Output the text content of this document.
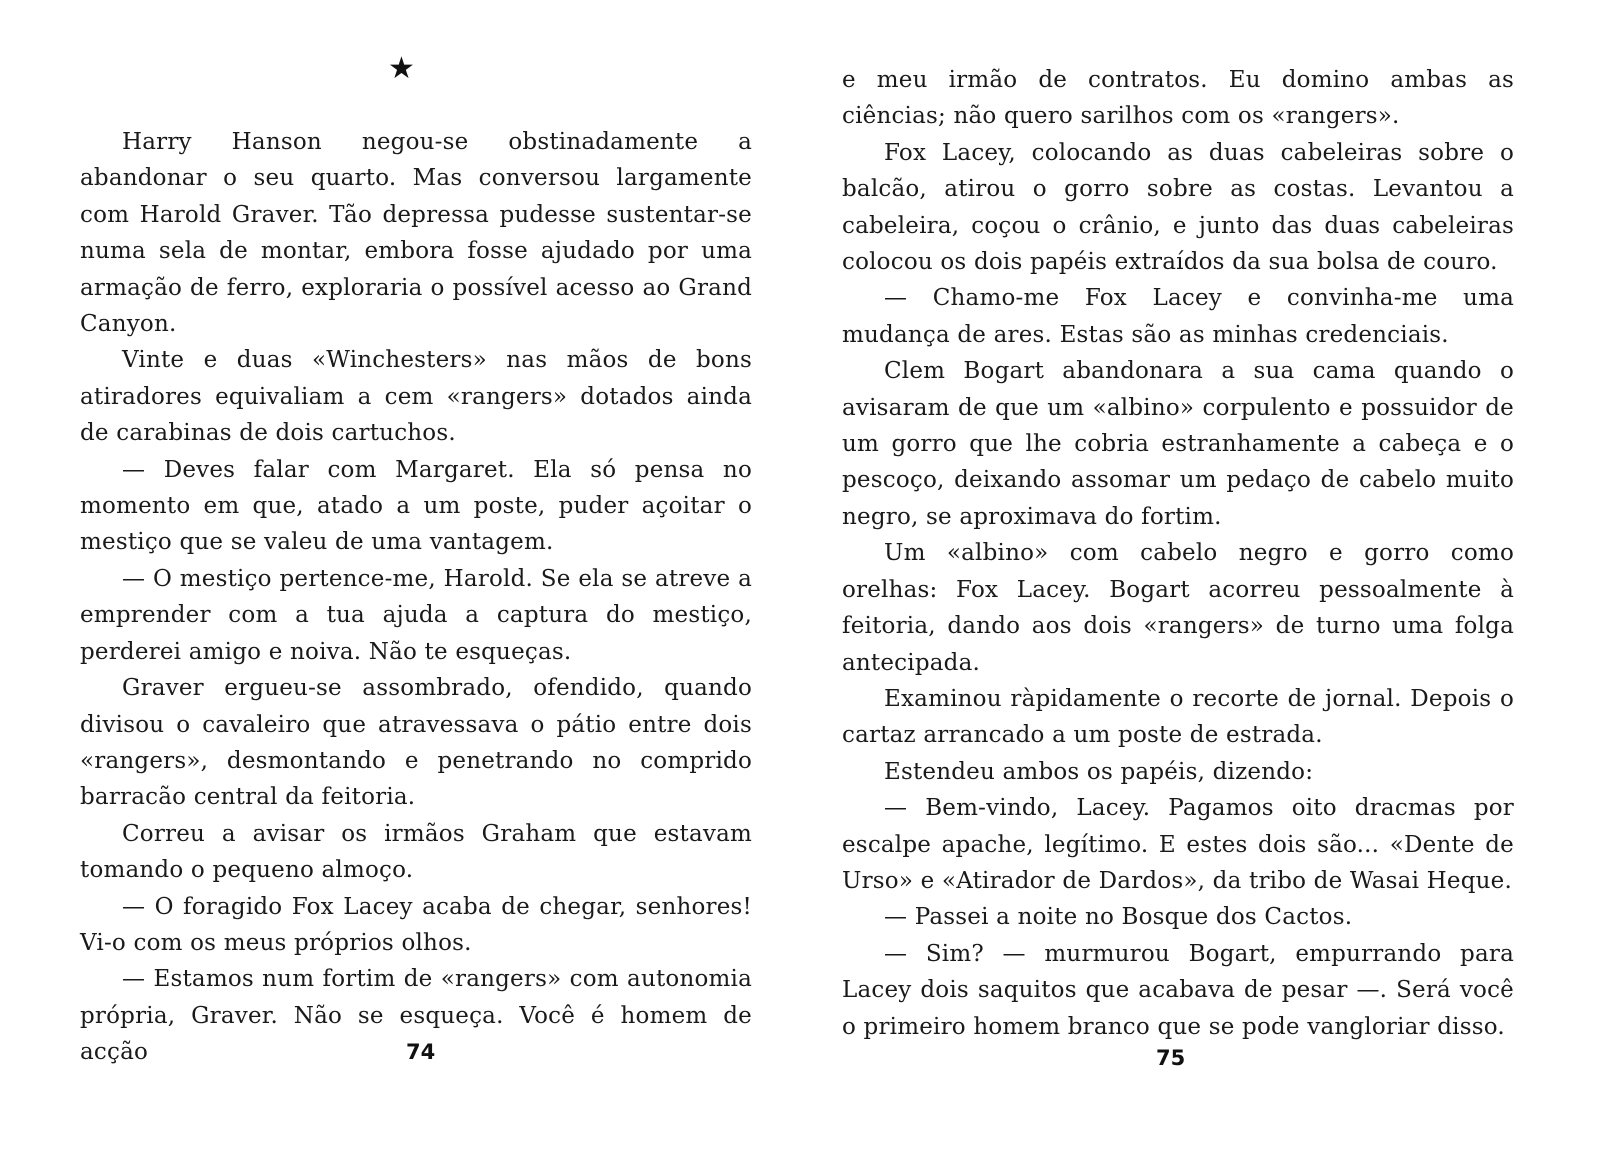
★

Harry Hanson negou-se obstinadamente a abandonar o seu quarto. Mas conversou largamente com Harold Graver. Tão depressa pudesse sustentar-se numa sela de montar, embora fosse ajudado por uma armação de ferro, exploraria o possível acesso ao Grand Canyon.

Vinte e duas «Winchesters» nas mãos de bons atiradores equivaliam a cem «rangers» dotados ainda de carabinas de dois cartuchos.

— Deves falar com Margaret. Ela só pensa no momento em que, atado a um poste, puder açoitar o mestiço que se valeu de uma vantagem.

— O mestiço pertence-me, Harold. Se ela se atreve a emprender com a tua ajuda a captura do mestiço, perderei amigo e noiva. Não te esqueças.

Graver ergueu-se assombrado, ofendido, quando divisou o cavaleiro que atravessava o pátio entre dois «rangers», desmontando e penetrando no comprido barracão central da feitoria.

Correu a avisar os irmãos Graham que estavam tomando o pequeno almoço.

— O foragido Fox Lacey acaba de chegar, senhores! Vi-o com os meus próprios olhos.

— Estamos num fortim de «rangers» com autonomia própria, Graver. Não se esqueça. Você é homem de acção	74

e meu irmão de contratos. Eu domino ambas as ciências; não quero sarilhos com os «rangers».

Fox Lacey, colocando as duas cabeleiras sobre o balcão, atirou o gorro sobre as costas. Levantou a cabeleira, coçou o crânio, e junto das duas cabeleiras colocou os dois papéis extraídos da sua bolsa de couro.

— Chamo-me Fox Lacey e convinha-me uma mudança de ares. Estas são as minhas credenciais.

Clem Bogart abandonara a sua cama quando o avisaram de que um «albino» corpulento e possuidor de um gorro que lhe cobria estranhamente a cabeça e o pescoço, deixando assomar um pedaço de cabelo muito negro, se aproximava do fortim.

Um «albino» com cabelo negro e gorro como orelhas: Fox Lacey. Bogart acorreu pessoalmente à feitoria, dando aos dois «rangers» de turno uma folga antecipada.

Examinou ràpidamente o recorte de jornal. Depois o cartaz arrancado a um poste de estrada.

Estendeu ambos os papéis, dizendo:

— Bem-vindo, Lacey. Pagamos oito dracmas por escalpe apache, legítimo. E estes dois são... «Dente de Urso» e «Atirador de Dardos», da tribo de Wasai Heque.

— Passei a noite no Bosque dos Cactos.

— Sim? — murmurou Bogart, empurrando para Lacey dois saquitos que acabava de pesar —. Será você o primeiro homem branco que se pode vangloriar disso.

75
